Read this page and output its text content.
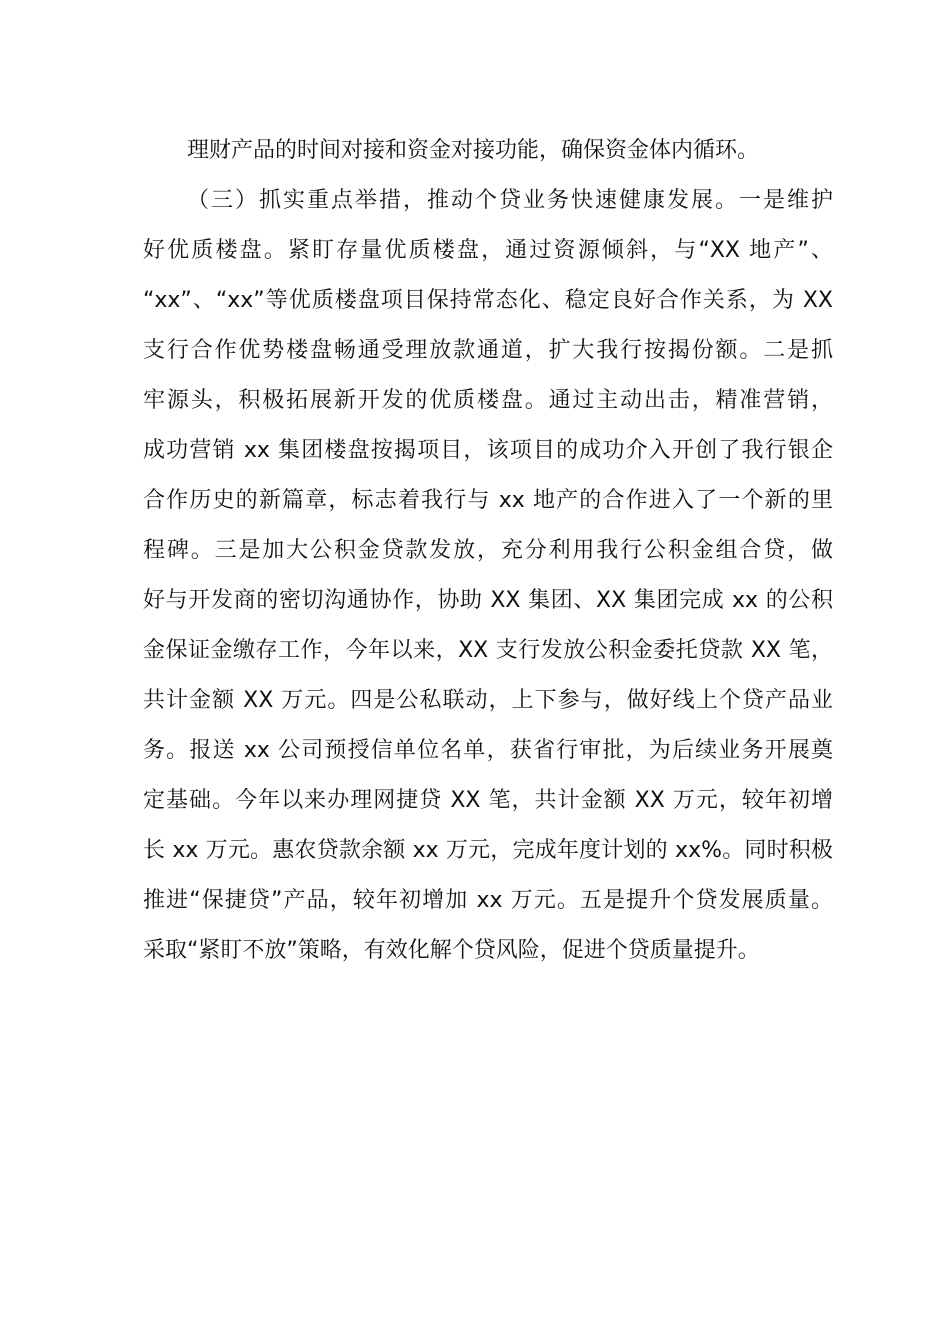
理财产品的时间对接和资金对接功能，确保资金体内循环。
（三）抓实重点举措，推动个贷业务快速健康发展。一是维护
好优质楼盘。紧盯存量优质楼盘，通过资源倾斜，与“XX 地产”、
“xx”、“xx”等优质楼盘项目保持常态化、稳定良好合作关系，为 XX
支行合作优势楼盘畅通受理放款通道，扩大我行按揭份额。二是抓
牢源头，积极拓展新开发的优质楼盘。通过主动出击，精准营销，
成功营销 xx 集团楼盘按揭项目，该项目的成功介入开创了我行银企
合作历史的新篇章，标志着我行与 xx 地产的合作进入了一个新的里
程碑。三是加大公积金贷款发放，充分利用我行公积金组合贷，做
好与开发商的密切沟通协作，协助 XX 集团、XX 集团完成 xx 的公积
金保证金缴存工作，今年以来，XX 支行发放公积金委托贷款 XX 笔，
共计金额 XX 万元。四是公私联动，上下参与，做好线上个贷产品业
务。报送 xx 公司预授信单位名单，获省行审批，为后续业务开展奠
定基础。今年以来办理网捷贷 XX 笔，共计金额 XX 万元，较年初增
长 xx 万元。惠农贷款余额 xx 万元，完成年度计划的 xx%。同时积极
推进“保捷贷”产品，较年初增加 xx 万元。五是提升个贷发展质量。
采取“紧盯不放”策略，有效化解个贷风险，促进个贷质量提升。
